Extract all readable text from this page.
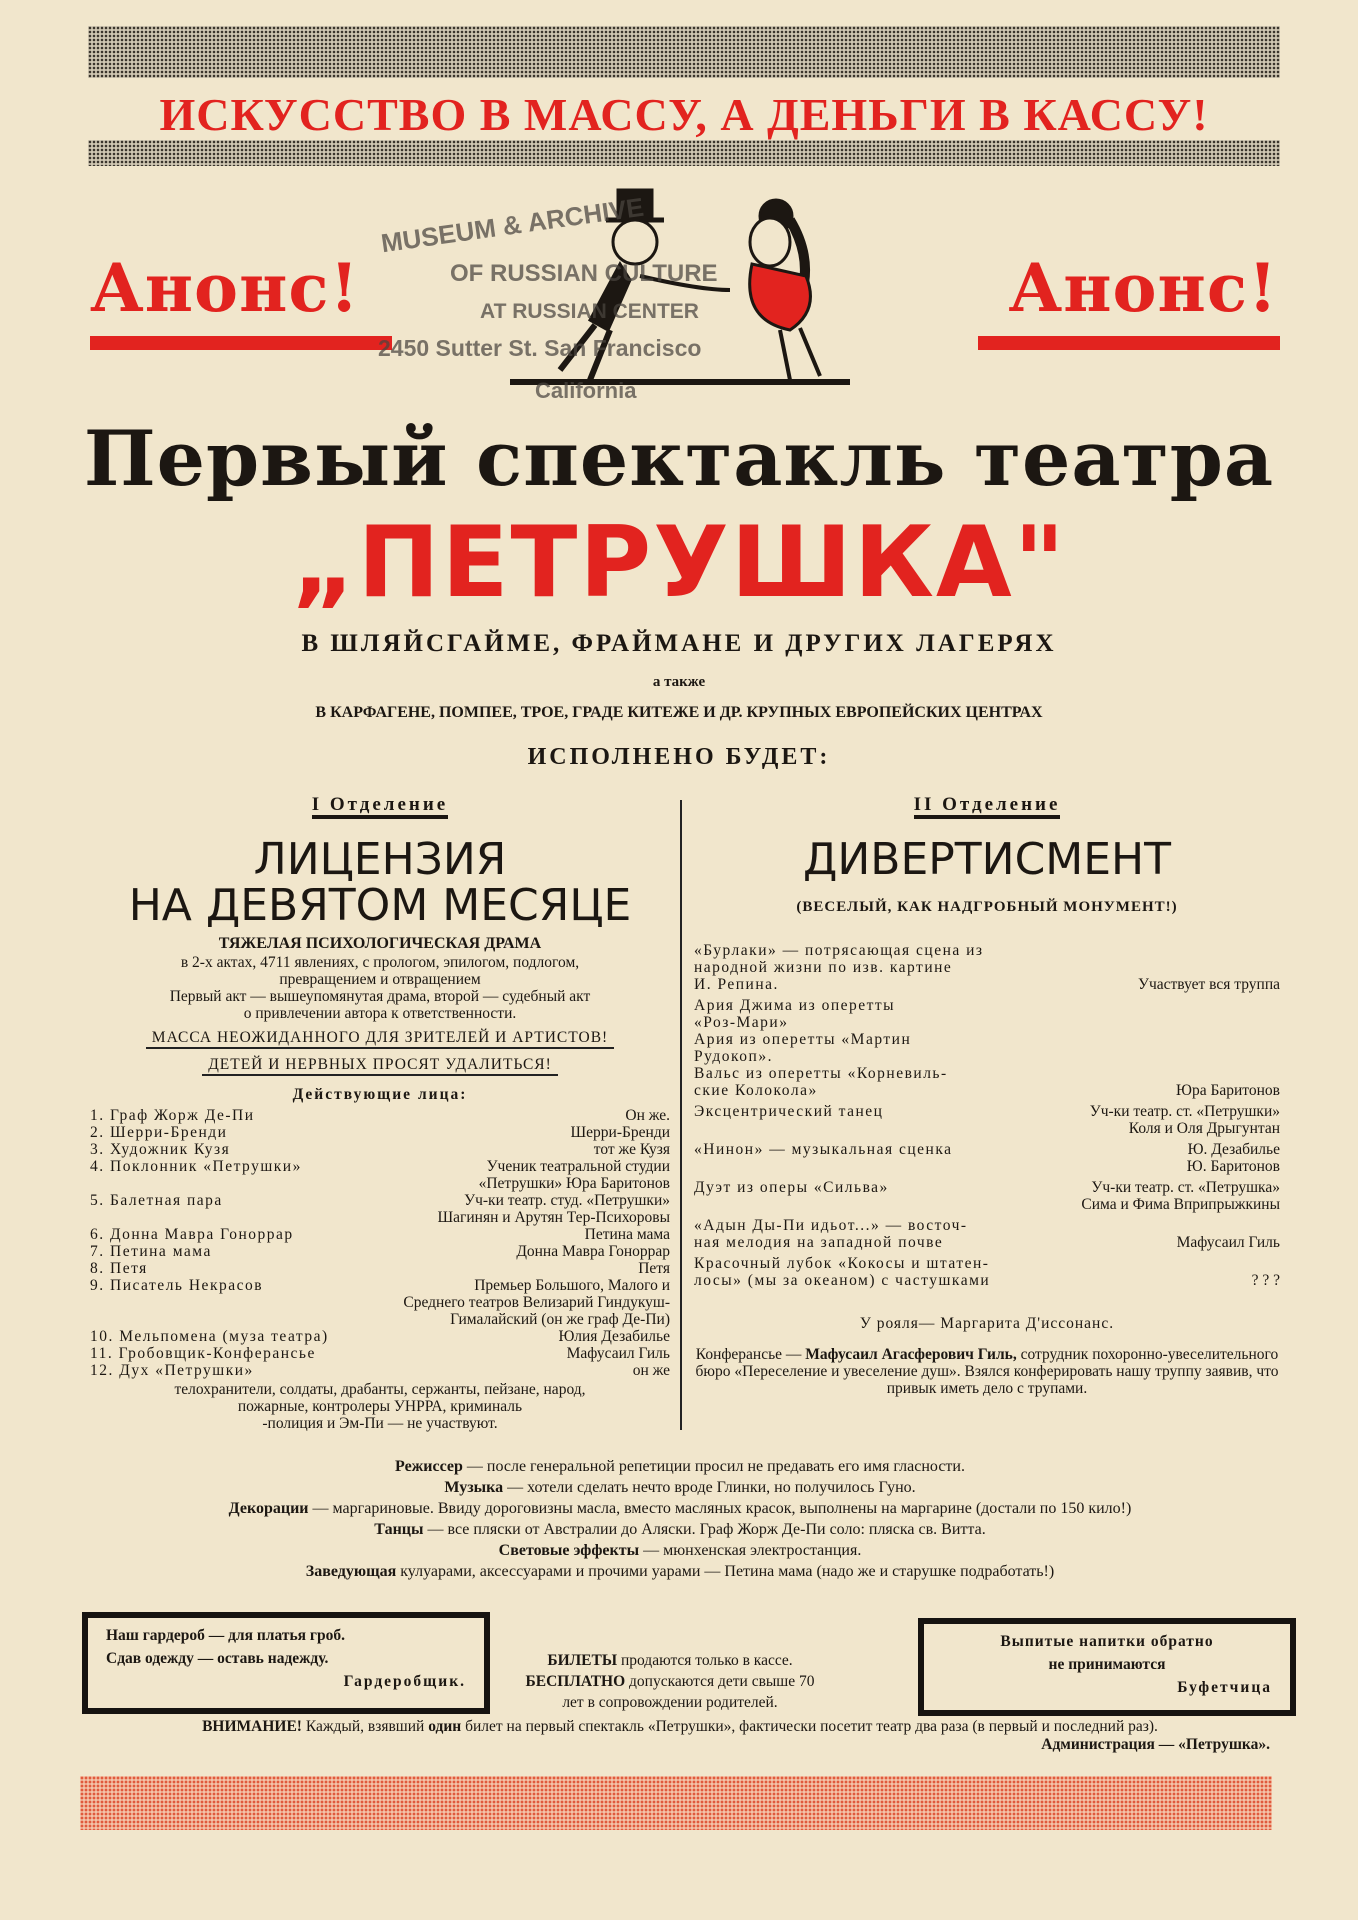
ИСКУССТВО В МАССУ, А ДЕНЬГИ В КАССУ!
Анонс!	Анонс!
MUSEUM & ARCHIVE
OF RUSSIAN CULTURE
AT RUSSIAN CENTER
2450 Sutter St. San Francisco
California
Первый спектакль театра
„ПЕТРУШКА"
В ШЛЯЙСГАЙМЕ, ФРАЙМАНЕ И ДРУГИХ ЛАГЕРЯХ
а также
В КАРФАГЕНЕ, ПОМПЕЕ, ТРОЕ, ГРАДЕ КИТЕЖЕ И ДР. КРУПНЫХ ЕВРОПЕЙСКИХ ЦЕНТРАХ
ИСПОЛНЕНО БУДЕТ:
I Отделение
ЛИЦЕНЗИЯ
НА ДЕВЯТОМ МЕСЯЦЕ
ТЯЖЕЛАЯ ПСИХОЛОГИЧЕСКАЯ ДРАМА
в 2-х актах, 4711 явлениях, с прологом, эпилогом, подлогом,
превращением и отвращением
Первый акт — вышеупомянутая драма, второй — судебный акт
о привлечении автора к ответственности.
МАССА НЕОЖИДАННОГО ДЛЯ ЗРИТЕЛЕЙ И АРТИСТОВ!
ДЕТЕЙ И НЕРВНЫХ ПРОСЯТ УДАЛИТЬСЯ!
Действующие лица:
1. Граф Жорж Де-Пи	Он же.
2. Шерри-Бренди	Шерри-Бренди
3. Художник Кузя	тот же Кузя
4. Поклонник «Петрушки»	Ученик театральной студии
«Петрушки» Юра Баритонов
5. Балетная пара	Уч-ки театр. студ. «Петрушки»
Шагинян и Арутян Тер-Психоровы
6. Донна Мавра Гонорраp	Петина мама
7. Петина мама	Донна Мавра Гонорраp
8. Петя	Петя
9. Писатель Некрасов	Премьер Большого, Малого и
Среднего театров Велизарий Гиндукуш-
Гималайский (он же граф Де-Пи)
10. Мельпомена (муза театра)	Юлия Дезабилье
11. Гробовщик-Конферансье	Мафусаил Гиль
12. Дух «Петрушки»	он же
телохранители, солдаты, драбанты, сержанты, пейзане, народ,
пожарные, контролеры УНРРА, криминаль
-полиция и Эм-Пи — не участвуют.
II Отделение
ДИВЕРТИСМЕНТ
(ВЕСЕЛЫЙ, КАК НАДГРОБНЫЙ МОНУМЕНТ!)
«Бурлаки» — потрясающая сцена из
народной жизни по изв. картине
И. Репина.	Участвует вся труппа
Ария Джима из оперетты
«Роз-Мари»
Ария из оперетты «Мартин
Рудокоп».
Вальс из оперетты «Корневиль-
ские Колокола»	Юра Баритонов
Эксцентрический танец	Уч-ки театр. ст. «Петрушки»
Коля и Оля Дрыгунтан
«Нинон» — музыкальная сценка	Ю. Дезабилье
Ю. Баритонов
Дуэт из оперы «Сильва»	Уч-ки театр. ст. «Петрушка»
Сима и Фима Вприпрыжкины
«Адын Ды-Пи идьот...» — восточ-
ная мелодия на западной почве	Мафусаил Гиль
Красочный лубок «Кокосы и штатен-
лосы» (мы за океаном) с частушками	? ? ?
У рояля— Маргарита Д'иссонанс.
Конферансье — Мафусаил Агасферович Гиль, сотрудник похоронно-увеселительного бюро «Переселение и увеселение душ». Взялся конферировать нашу труппу заявив, что привык иметь дело с трупами.
Режиссер — после генеральной репетиции просил не предавать его имя гласности.
Музыка — хотели сделать нечто вроде Глинки, но получилось Гуно.
Декорации — маргариновые. Ввиду дороговизны масла, вместо масляных красок, выполнены на маргарине (достали по 150 кило!)
Танцы — все пляски от Австралии до Аляски. Граф Жорж Де-Пи соло: пляска св. Витта.
Световые эффекты — мюнхенская электростанция.
Заведующая кулуарами, аксессуарами и прочими уарами — Петина мама (надо же и старушке подработать!)
Наш гардероб — для платья гроб.
Сдав одежду — оставь надежду.
Гардеробщик.
БИЛЕТЫ продаются только в кассе.
БЕСПЛАТНО допускаются дети свыше 70
лет в сопровождении родителей.
Выпитые напитки обратно
не принимаются
Буфетчица
ВНИМАНИЕ! Каждый, взявший один билет на первый спектакль «Петрушки», фактически посетит театр два раза (в первый и последний раз).
Администрация — «Петрушка».
